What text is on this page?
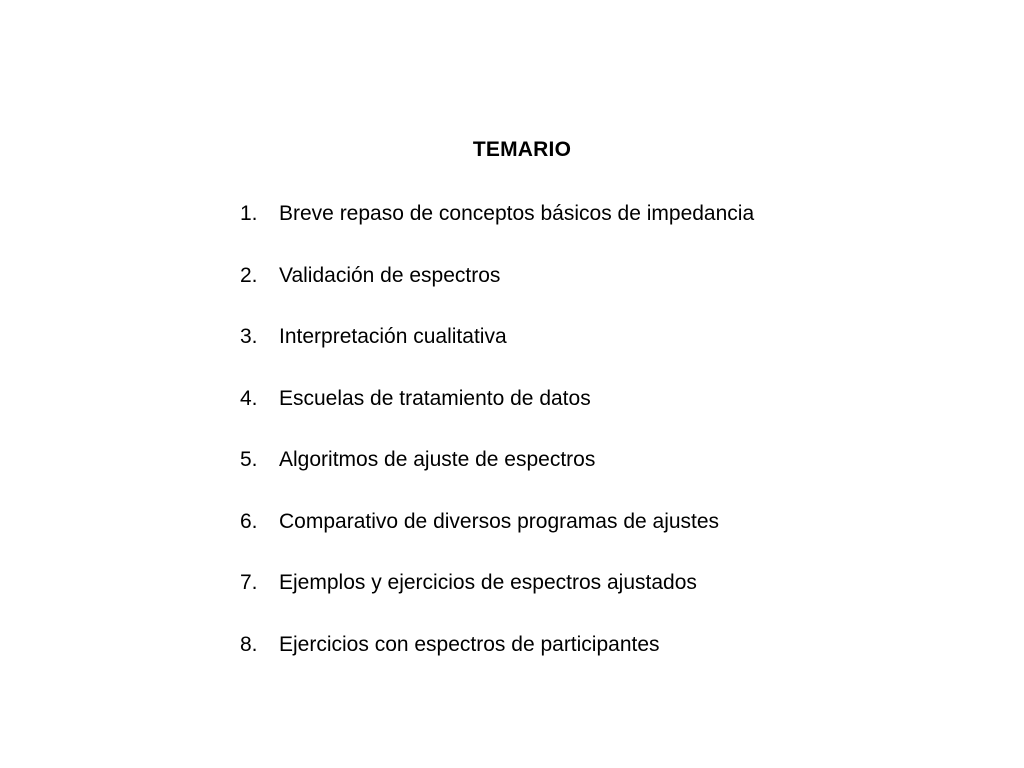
TEMARIO
1.	Breve repaso de conceptos básicos de impedancia
2.	Validación de espectros
3.	Interpretación cualitativa
4.	Escuelas de tratamiento de datos
5.	Algoritmos de ajuste de espectros
6.	Comparativo de diversos programas de ajustes
7.	Ejemplos y ejercicios de espectros ajustados
8.	Ejercicios con espectros de participantes
